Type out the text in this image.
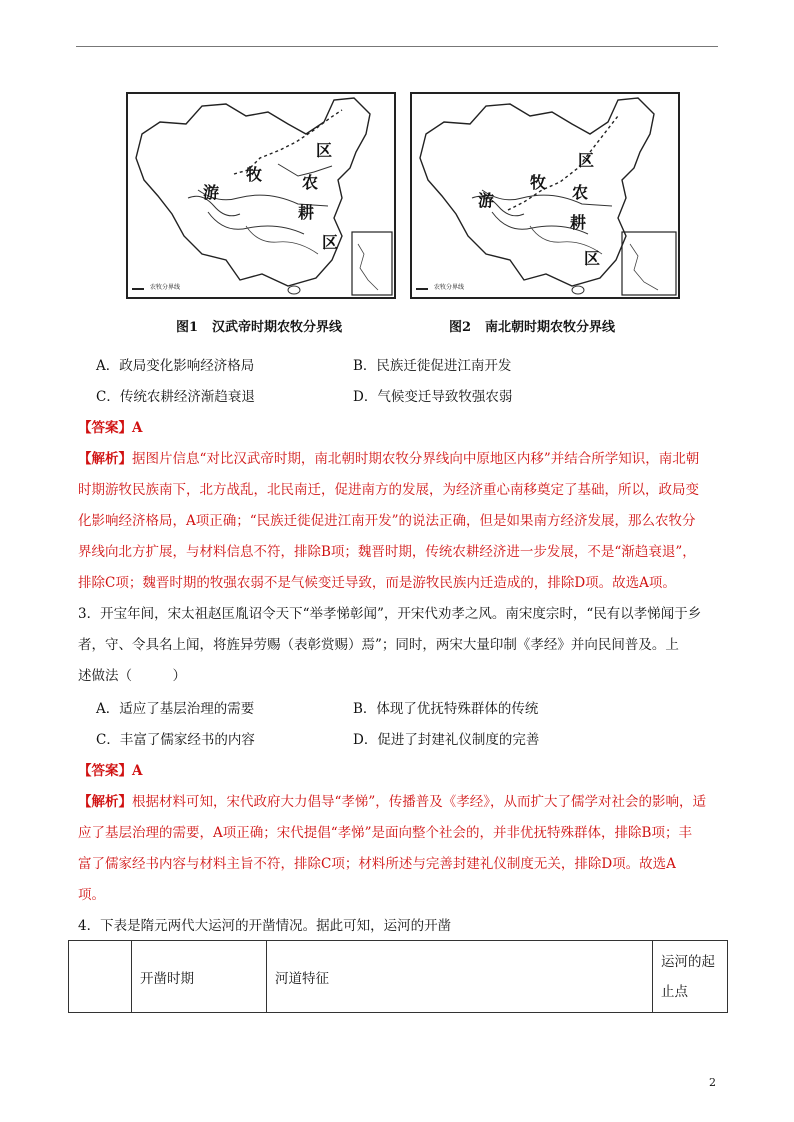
游
牧
区
农
耕
区
农牧分界线
游
牧
区
农
耕
区
农牧分界线
图1 汉武帝时期农牧分界线	图2 南北朝时期农牧分界线
A．政局变化影响经济格局	B．民族迁徙促进江南开发
C．传统农耕经济渐趋衰退	D．气候变迁导致牧强农弱
【答案】A
【解析】据图片信息“对比汉武帝时期，南北朝时期农牧分界线向中原地区内移”并结合所学知识，南北朝
时期游牧民族南下，北方战乱，北民南迁，促进南方的发展，为经济重心南移奠定了基础，所以，政局变
化影响经济格局，A项正确；“民族迁徙促进江南开发”的说法正确，但是如果南方经济发展，那么农牧分
界线向北方扩展，与材料信息不符，排除B项；魏晋时期，传统农耕经济进一步发展，不是“渐趋衰退”，
排除C项；魏晋时期的牧强农弱不是气候变迁导致，而是游牧民族内迁造成的，排除D项。故选A项。
3．开宝年间，宋太祖赵匡胤诏令天下“举孝悌彰闻”，开宋代劝孝之风。南宋度宗时，“民有以孝悌闻于乡
者，守、令具名上闻，将旌异劳赐（表彰赏赐）焉”；同时，两宋大量印制《孝经》并向民间普及。上
述做法（　　　）
A．适应了基层治理的需要	B．体现了优抚特殊群体的传统
C．丰富了儒家经书的内容	D．促进了封建礼仪制度的完善
【答案】A
【解析】根据材料可知，宋代政府大力倡导“孝悌”，传播普及《孝经》，从而扩大了儒学对社会的影响，适
应了基层治理的需要，A项正确；宋代提倡“孝悌”是面向整个社会的，并非优抚特殊群体，排除B项；丰
富了儒家经书内容与材料主旨不符，排除C项；材料所述与完善封建礼仪制度无关，排除D项。故选A
项。
4．下表是隋元两代大运河的开凿情况。据此可知，运河的开凿
	开凿时期	河道特征	运河的起止点
2
